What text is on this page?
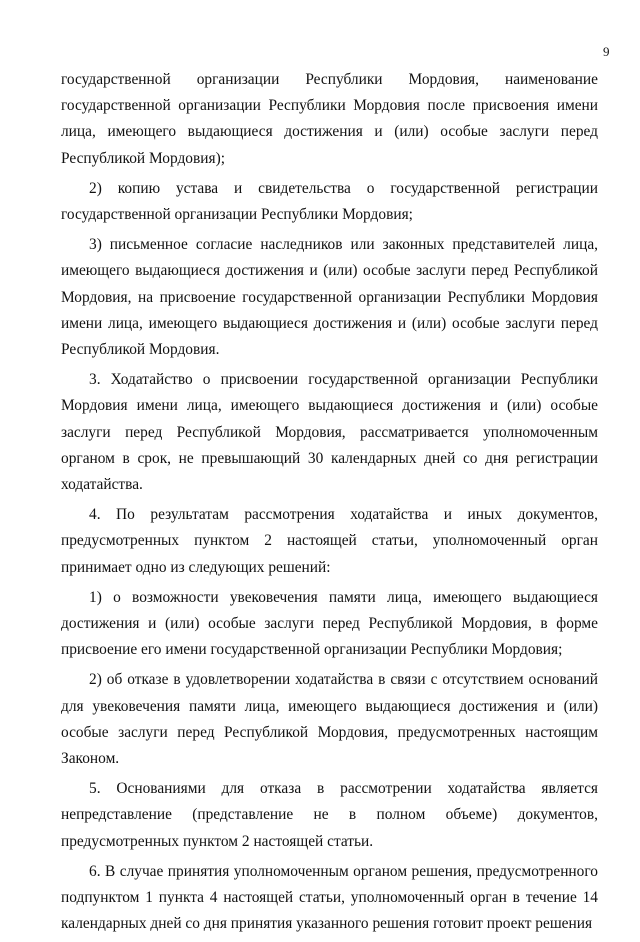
9

государственной организации Республики Мордовия, наименование государственной организации Республики Мордовия после присвоения имени лица, имеющего выдающиеся достижения и (или) особые заслуги перед Республикой Мордовия);

2) копию устава и свидетельства о государственной регистрации государственной организации Республики Мордовия;

3) письменное согласие наследников или законных представителей лица, имеющего выдающиеся достижения и (или) особые заслуги перед Республикой Мордовия, на присвоение государственной организации Республики Мордовия имени лица, имеющего выдающиеся достижения и (или) особые заслуги перед Республикой Мордовия.

3. Ходатайство о присвоении государственной организации Республики Мордовия имени лица, имеющего выдающиеся достижения и (или) особые заслуги перед Республикой Мордовия, рассматривается уполномоченным органом в срок, не превышающий 30 календарных дней со дня регистрации ходатайства.

4. По результатам рассмотрения ходатайства и иных документов, предусмотренных пунктом 2 настоящей статьи, уполномоченный орган принимает одно из следующих решений:

1) о возможности увековечения памяти лица, имеющего выдающиеся достижения и (или) особые заслуги перед Республикой Мордовия, в форме присвоение его имени государственной организации Республики Мордовия;

2) об отказе в удовлетворении ходатайства в связи с отсутствием оснований для увековечения памяти лица, имеющего выдающиеся достижения и (или) особые заслуги перед Республикой Мордовия, предусмотренных настоящим Законом.

5. Основаниями для отказа в рассмотрении ходатайства является непредставление (представление не в полном объеме) документов, предусмотренных пунктом 2 настоящей статьи.

6. В случае принятия уполномоченным органом решения, предусмотренного подпунктом 1 пункта 4 настоящей статьи, уполномоченный орган в течение 14 календарных дней со дня принятия указанного решения готовит проект решения
